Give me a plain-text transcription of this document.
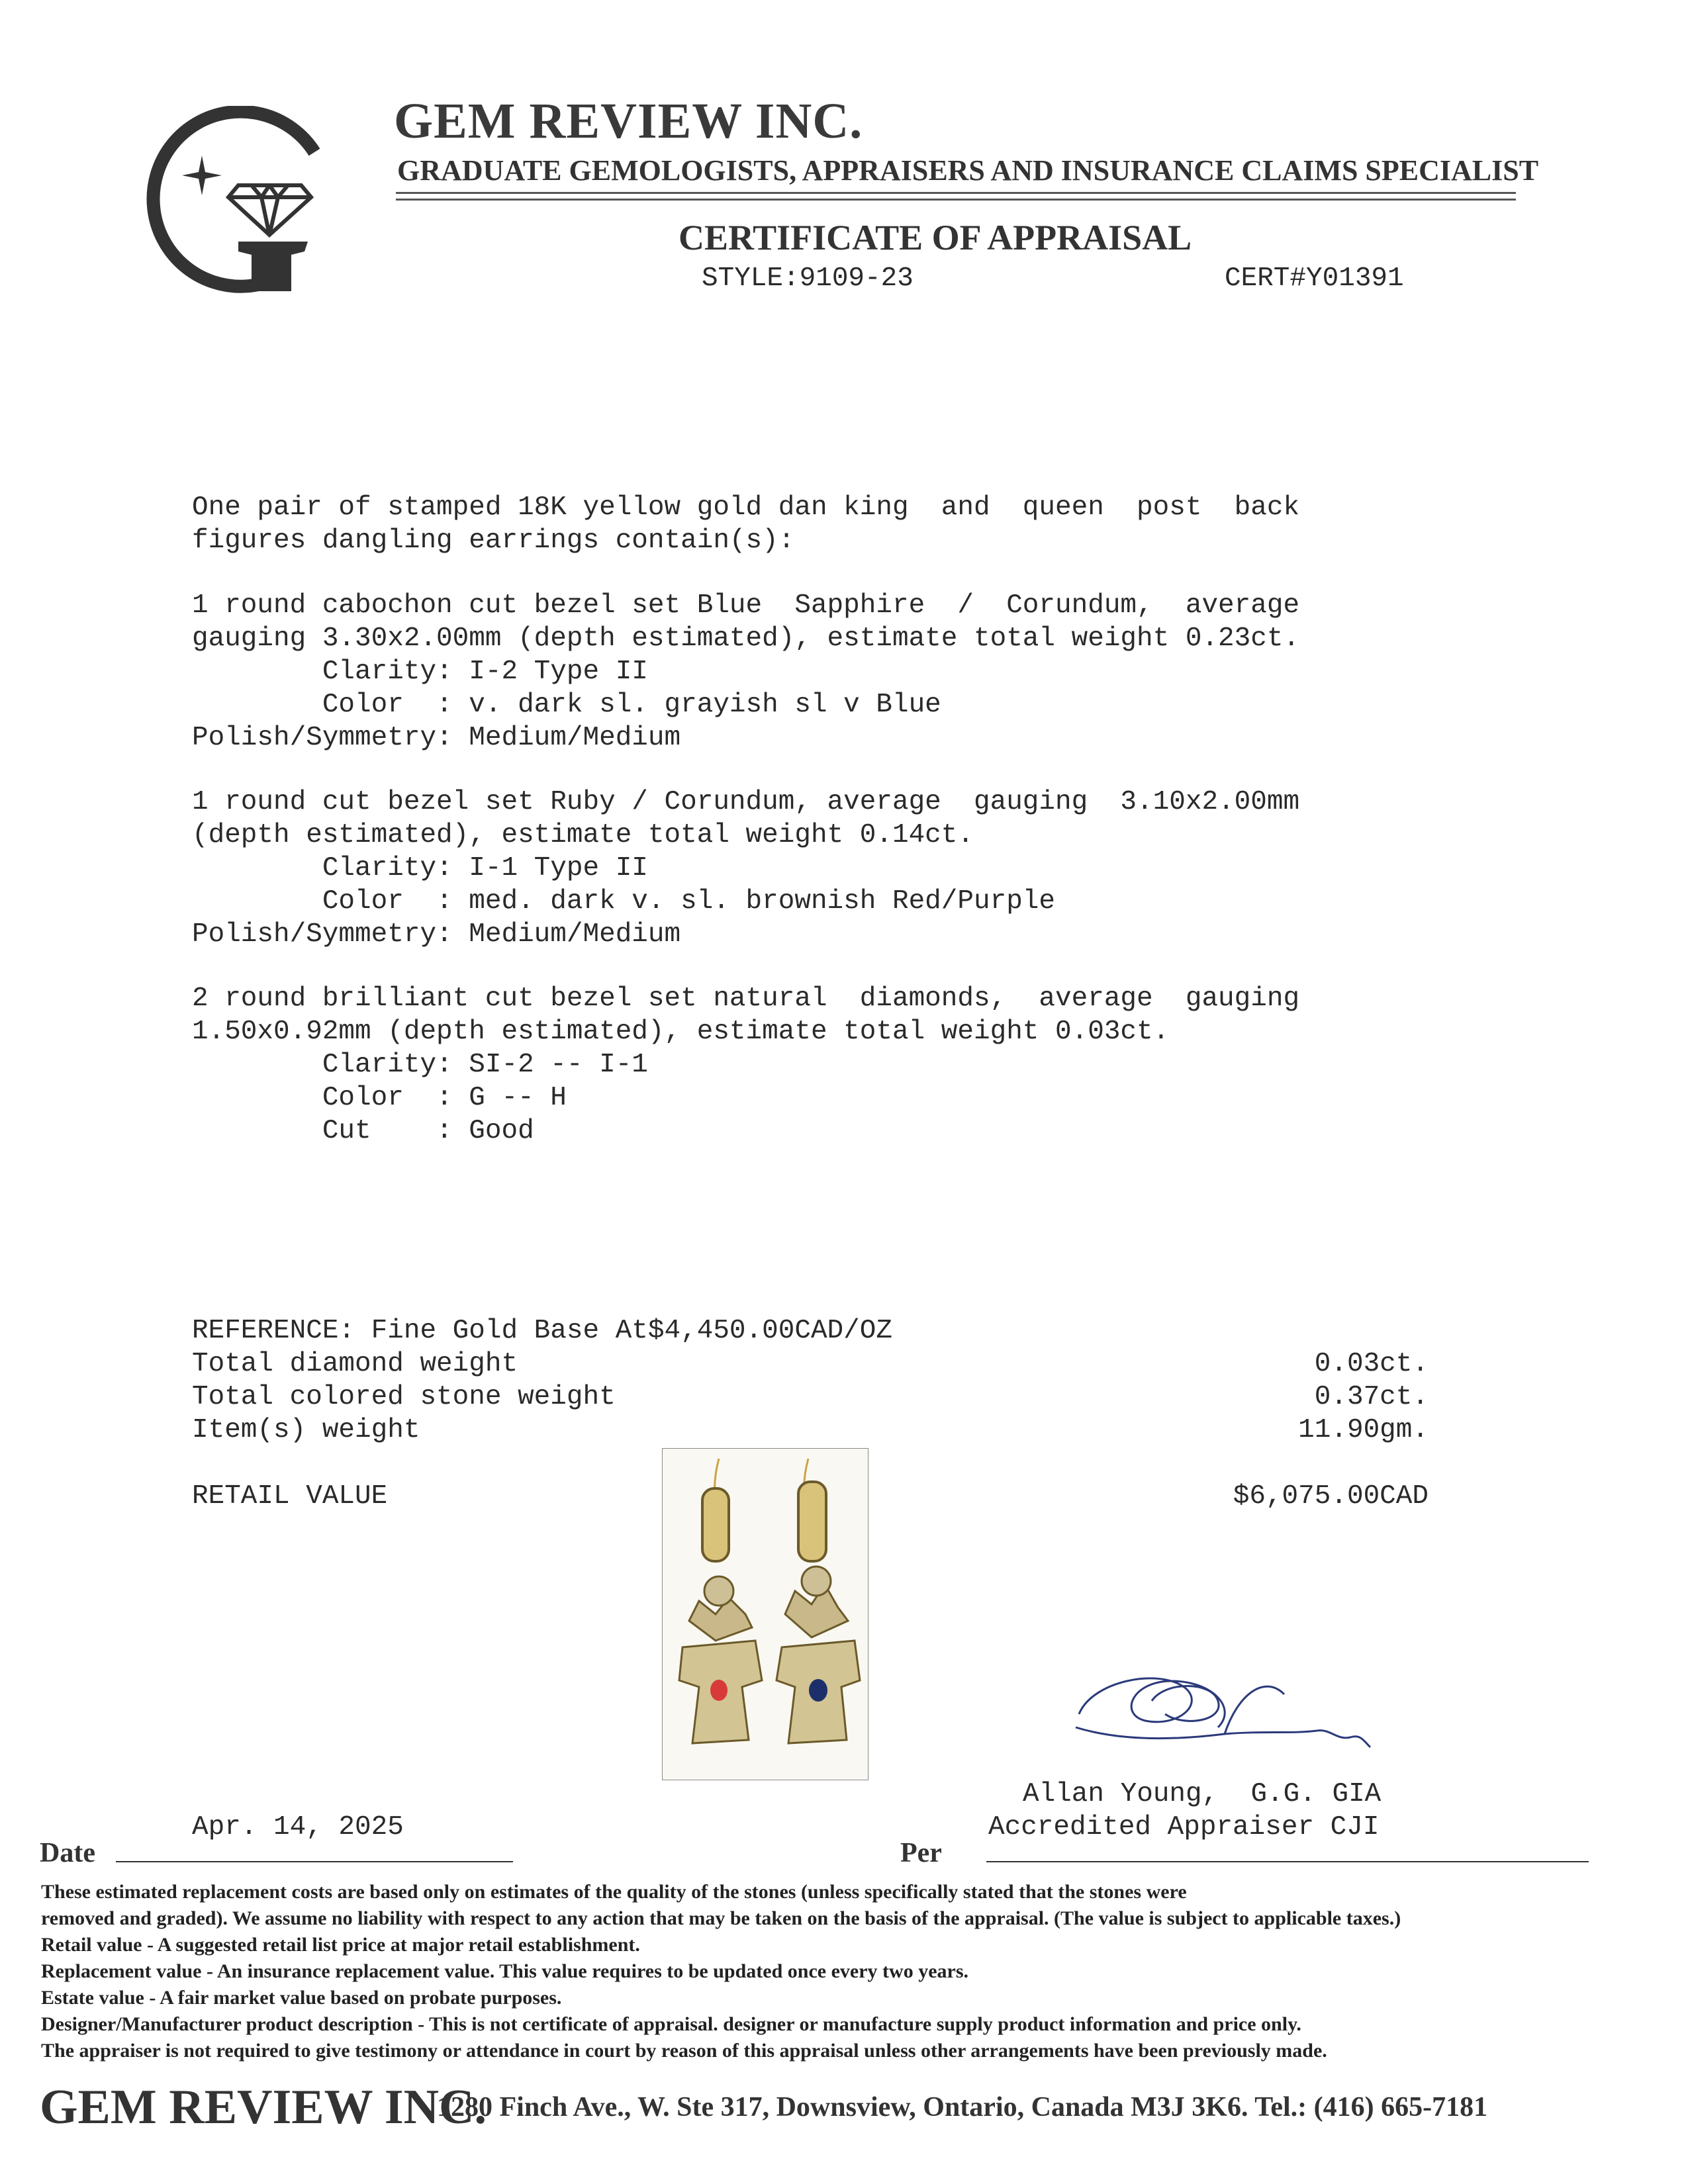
GEM REVIEW INC.
GRADUATE GEMOLOGISTS, APPRAISERS AND INSURANCE CLAIMS SPECIALIST
CERTIFICATE OF APPRAISAL
STYLE:9109-23	CERT#Y01391
One pair of stamped 18K yellow gold dan king  and  queen  post  back
figures dangling earrings contain(s):
1 round cabochon cut bezel set Blue  Sapphire  /  Corundum,  average
gauging 3.30x2.00mm (depth estimated), estimate total weight 0.23ct.
Clarity: I-2 Type II
Color  : v. dark sl. grayish sl v Blue
Polish/Symmetry: Medium/Medium
1 round cut bezel set Ruby / Corundum, average  gauging  3.10x2.00mm
(depth estimated), estimate total weight 0.14ct.
Clarity: I-1 Type II
Color  : med. dark v. sl. brownish Red/Purple
Polish/Symmetry: Medium/Medium
2 round brilliant cut bezel set natural  diamonds,  average  gauging
1.50x0.92mm (depth estimated), estimate total weight 0.03ct.
Clarity: SI-2 -- I-1
Color  : G -- H
Cut    : Good
REFERENCE: Fine Gold Base At$4,450.00CAD/OZ
Total diamond weight	0.03ct.
Total colored stone weight	0.37ct.
Item(s) weight	11.90gm.
RETAIL VALUE	$6,075.00CAD
Allan Young,  G.G. GIA
Accredited Appraiser CJI
Apr. 14, 2025
Date	Per
These estimated replacement costs are based only on estimates of the quality of the stones (unless specifically stated that the stones were
removed and graded). We assume no liability with respect to any action that may be taken on the basis of the appraisal. (The value is subject to applicable taxes.)
Retail value - A suggested retail list price at major retail establishment.
Replacement value - An insurance replacement value. This value requires to be updated once every two years.
Estate value - A fair market value based on probate purposes.
Designer/Manufacturer product description - This is not certificate of appraisal. designer or manufacture supply product information and price only.
The appraiser is not required to give testimony or attendance in court by reason of this appraisal unless other arrangements have been previously made.
GEM REVIEW INC.
1280 Finch Ave., W. Ste 317, Downsview, Ontario, Canada M3J 3K6. Tel.: (416) 665-7181
